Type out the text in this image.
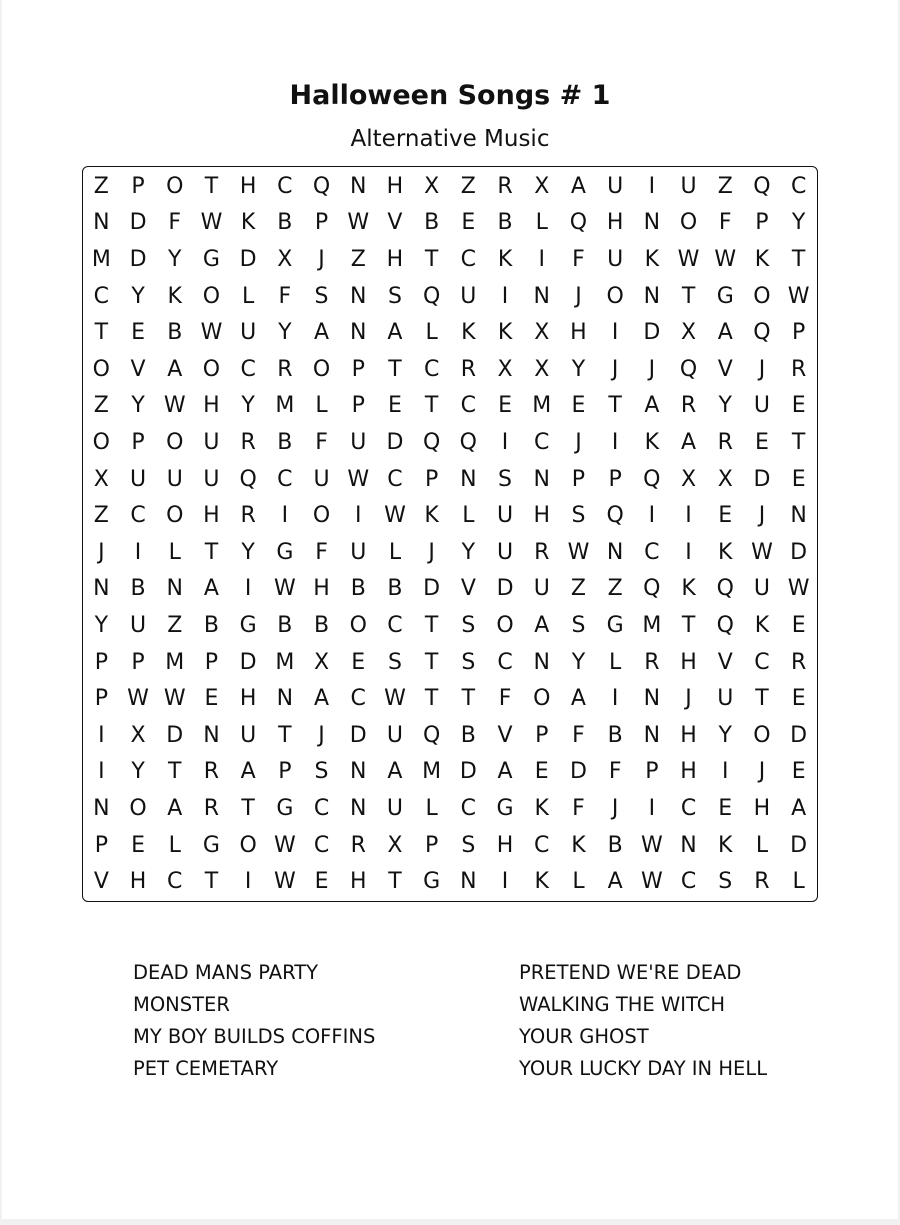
Halloween Songs # 1
Alternative Music
Z	P O T H C Q N H X Z R X A U	I	U Z Q C
N D F W K B	P W V B	E	B	L Q H N O F	P	Y
M D Y G D X	J	Z H T	C K	I	F	U K W W K	T
C	Y	K O L	F	S N S Q U	I	N	J	O N T G O W
T	E	B W U Y	A N A	L	K	K X H	I	D X A Q P
O V A O C R O P	T	C R X X	Y	J	J	Q V	J	R
Z	Y W H Y M L	P	E	T	C	E M E	T	A R	Y U E
O P O U R B	F	U D Q Q	I	C	J	I	K A R	E	T
X U U U Q C U W C	P N S N P	P Q X X D E
Z C O H R	I	O	I	W K	L	U H S Q	I	I	E	J	N
J	I	L	T	Y G F	U	L	J	Y U R W N C	I	K W D
N B N A	I	W H B B D V D U Z Z Q K Q U W
Y U Z B G B B O C	T	S O A	S G M T Q K	E
P	P M P D M X	E	S	T	S	C N Y	L	R H V C R
P W W E H N A C W T	T	F O A	I	N	J	U T	E
I	X D N U T	J	D U Q B V	P	F	B N H Y O D
I	Y	T	R A	P	S N A M D A	E D F	P H	I	J	E
N O A R	T G C N U	L	C G K	F	J	I	C	E H A
P	E	L	G O W C R X	P	S H C K B W N K	L	D
V H C	T	I	W E H T G N	I	K	L	A W C	S	R	L
DEAD MANS PARTY
MONSTER
MY BOY BUILDS COFFINS
PET CEMETARY
PRETEND WE'RE DEAD
WALKING THE WITCH
YOUR GHOST
YOUR LUCKY DAY IN HELL
